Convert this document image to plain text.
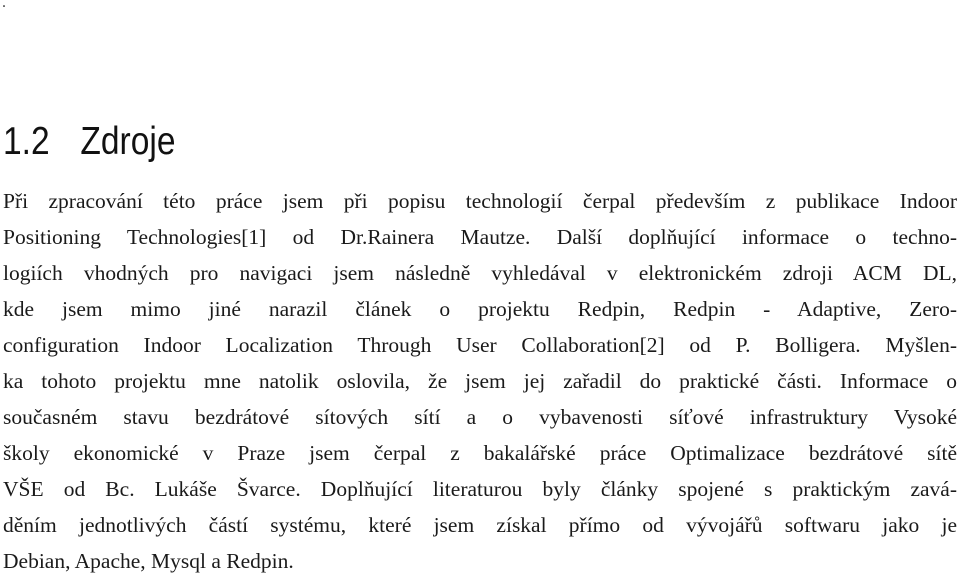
.
1.2 Zdroje
Při zpracování této práce jsem při popisu technologií čerpal především z publikace Indoor
Positioning Technologies[1] od Dr.Rainera Mautze. Další doplňující informace o techno-
logiích vhodných pro navigaci jsem následně vyhledával v elektronickém zdroji ACM DL,
kde jsem mimo jiné narazil článek o projektu Redpin, Redpin - Adaptive, Zero-
configuration Indoor Localization Through User Collaboration[2] od P. Bolligera. Myšlen-
ka tohoto projektu mne natolik oslovila, že jsem jej zařadil do praktické části. Informace o
současném stavu bezdrátové sítových sítí a o vybavenosti síťové infrastruktury Vysoké
školy ekonomické v Praze jsem čerpal z bakalářské práce Optimalizace bezdrátové sítě
VŠE od Bc. Lukáše Švarce. Doplňující literaturou byly články spojené s praktickým zavá-
děním jednotlivých částí systému, které jsem získal přímo od vývojářů softwaru jako je
Debian, Apache, Mysql a Redpin.
